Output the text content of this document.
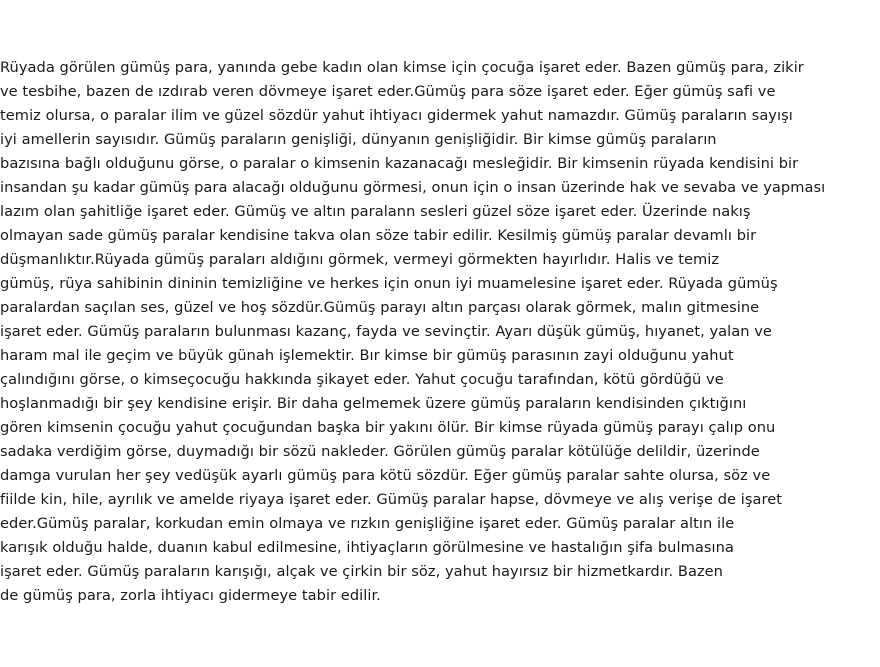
Rüyada görülen gümüş para, yanında gebe kadın olan kimse için çocuğa işaret eder. Bazen gümüş para, zikir
ve tesbihe, bazen de ızdırab veren dövmeye işaret eder.Gümüş para söze işaret eder. Eğer gümüş safi ve
temiz olursa, o paralar ilim ve güzel sözdür yahut ihtiyacı gidermek yahut namazdır. Gümüş paraların sayışı
iyi amellerin sayısıdır. Gümüş paraların genişliği, dünyanın genişliğidir. Bir kimse gümüş paraların
bazısına bağlı olduğunu görse, o paralar o kimsenin kazanacağı mesleğidir. Bir kimsenin rüyada kendisini bir
insandan şu kadar gümüş para alacağı olduğunu görmesi, onun için o insan üzerinde hak ve sevaba ve yapması
lazım olan şahitliğe işaret eder. Gümüş ve altın paralann sesleri güzel söze işaret eder. Üzerinde nakış
olmayan sade gümüş paralar kendisine takva olan söze tabir edilir. Kesilmiş gümüş paralar devamlı bir
düşmanlıktır.Rüyada gümüş paraları aldığını görmek, vermeyi görmekten hayırlıdır. Halis ve temiz
gümüş, rüya sahibinin dininin temizliğine ve herkes için onun iyi muamelesine işaret eder. Rüyada gümüş
paralardan saçılan ses, güzel ve hoş sözdür.Gümüş parayı altın parçası olarak görmek, malın gitmesine
işaret eder. Gümüş paraların bulunması kazanç, fayda ve sevinçtir. Ayarı düşük gümüş, hıyanet, yalan ve
haram mal ile geçim ve büyük günah işlemektir. Bır kimse bir gümüş parasının zayi olduğunu yahut
çalındığını görse, o kimseçocuğu hakkında şikayet eder. Yahut çocuğu tarafından, kötü gördüğü ve
hoşlanmadığı bir şey kendisine erişir. Bir daha gelmemek üzere gümüş paraların kendisinden çıktığını
gören kimsenin çocuğu yahut çocuğundan başka bir yakını ölür. Bir kimse rüyada gümüş parayı çalıp onu
sadaka verdiğim görse, duymadığı bir sözü nakleder. Görülen gümüş paralar kötülüğe delildir, üzerinde
damga vurulan her şey vedüşük ayarlı gümüş para kötü sözdür. Eğer gümüş paralar sahte olursa, söz ve
fiilde kin, hile, ayrılık ve amelde riyaya işaret eder. Gümüş paralar hapse, dövmeye ve alış verişe de işaret
eder.Gümüş paralar, korkudan emin olmaya ve rızkın genişliğine işaret eder. Gümüş paralar altın ile
karışık olduğu halde, duanın kabul edilmesine, ihtiyaçların görülmesine ve hastalığın şifa bulmasına
işaret eder. Gümüş paraların karışığı, alçak ve çirkin bir söz, yahut hayırsız bir hizmetkardır. Bazen
de gümüş para, zorla ihtiyacı gidermeye tabir edilir.
